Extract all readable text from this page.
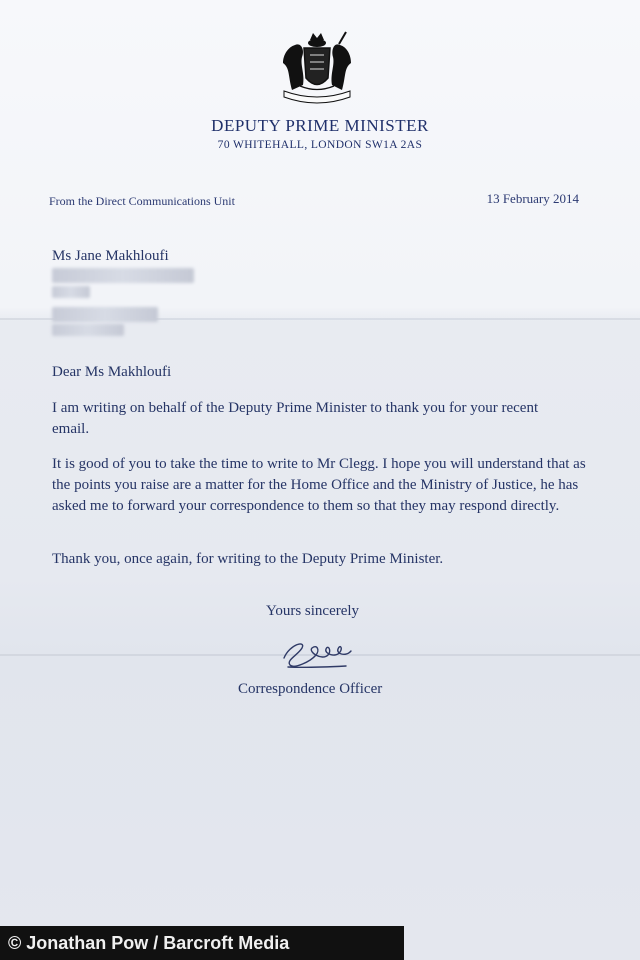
DEPUTY PRIME MINISTER
70 WHITEHALL, LONDON SW1A 2AS
From the Direct Communications Unit	13 February 2014
Ms Jane Makhloufi
Dear Ms Makhloufi
I am writing on behalf of the Deputy Prime Minister to thank you for your recent email.
It is good of you to take the time to write to Mr Clegg. I hope you will understand that as the points you raise are a matter for the Home Office and the Ministry of Justice, he has asked me to forward your correspondence to them so that they may respond directly.
Thank you, once again, for writing to the Deputy Prime Minister.
Yours sincerely
Correspondence Officer
© Jonathan Pow / Barcroft Media
